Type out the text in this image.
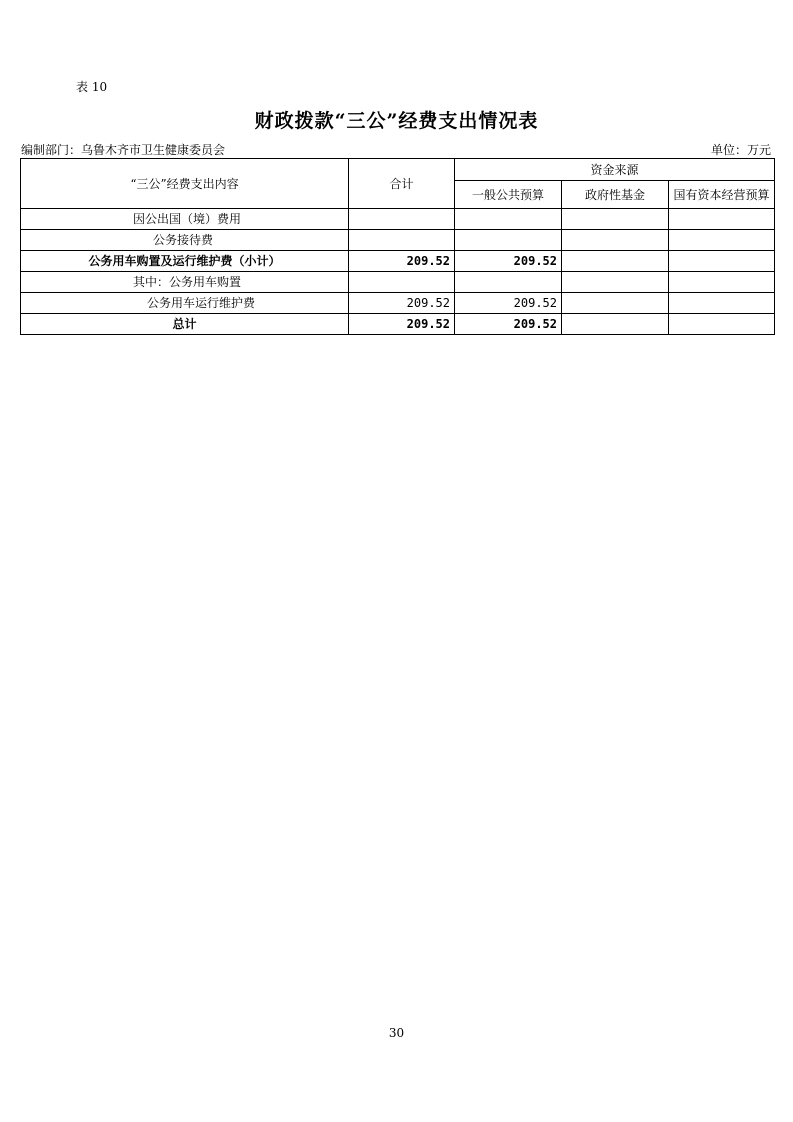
表 10
财政拨款“三公”经费支出情况表
编制部门：乌鲁木齐市卫生健康委员会	单位：万元
“三公”经费支出内容	合计	资金来源		
		一般公共预算	政府性基金	国有资本经营预算
因公出国（境）费用				
公务接待费				
公务用车购置及运行维护费（小计）	209.52	209.52		
其中：公务用车购置				
公务用车运行维护费	209.52	209.52		
总计	209.52	209.52		
30
